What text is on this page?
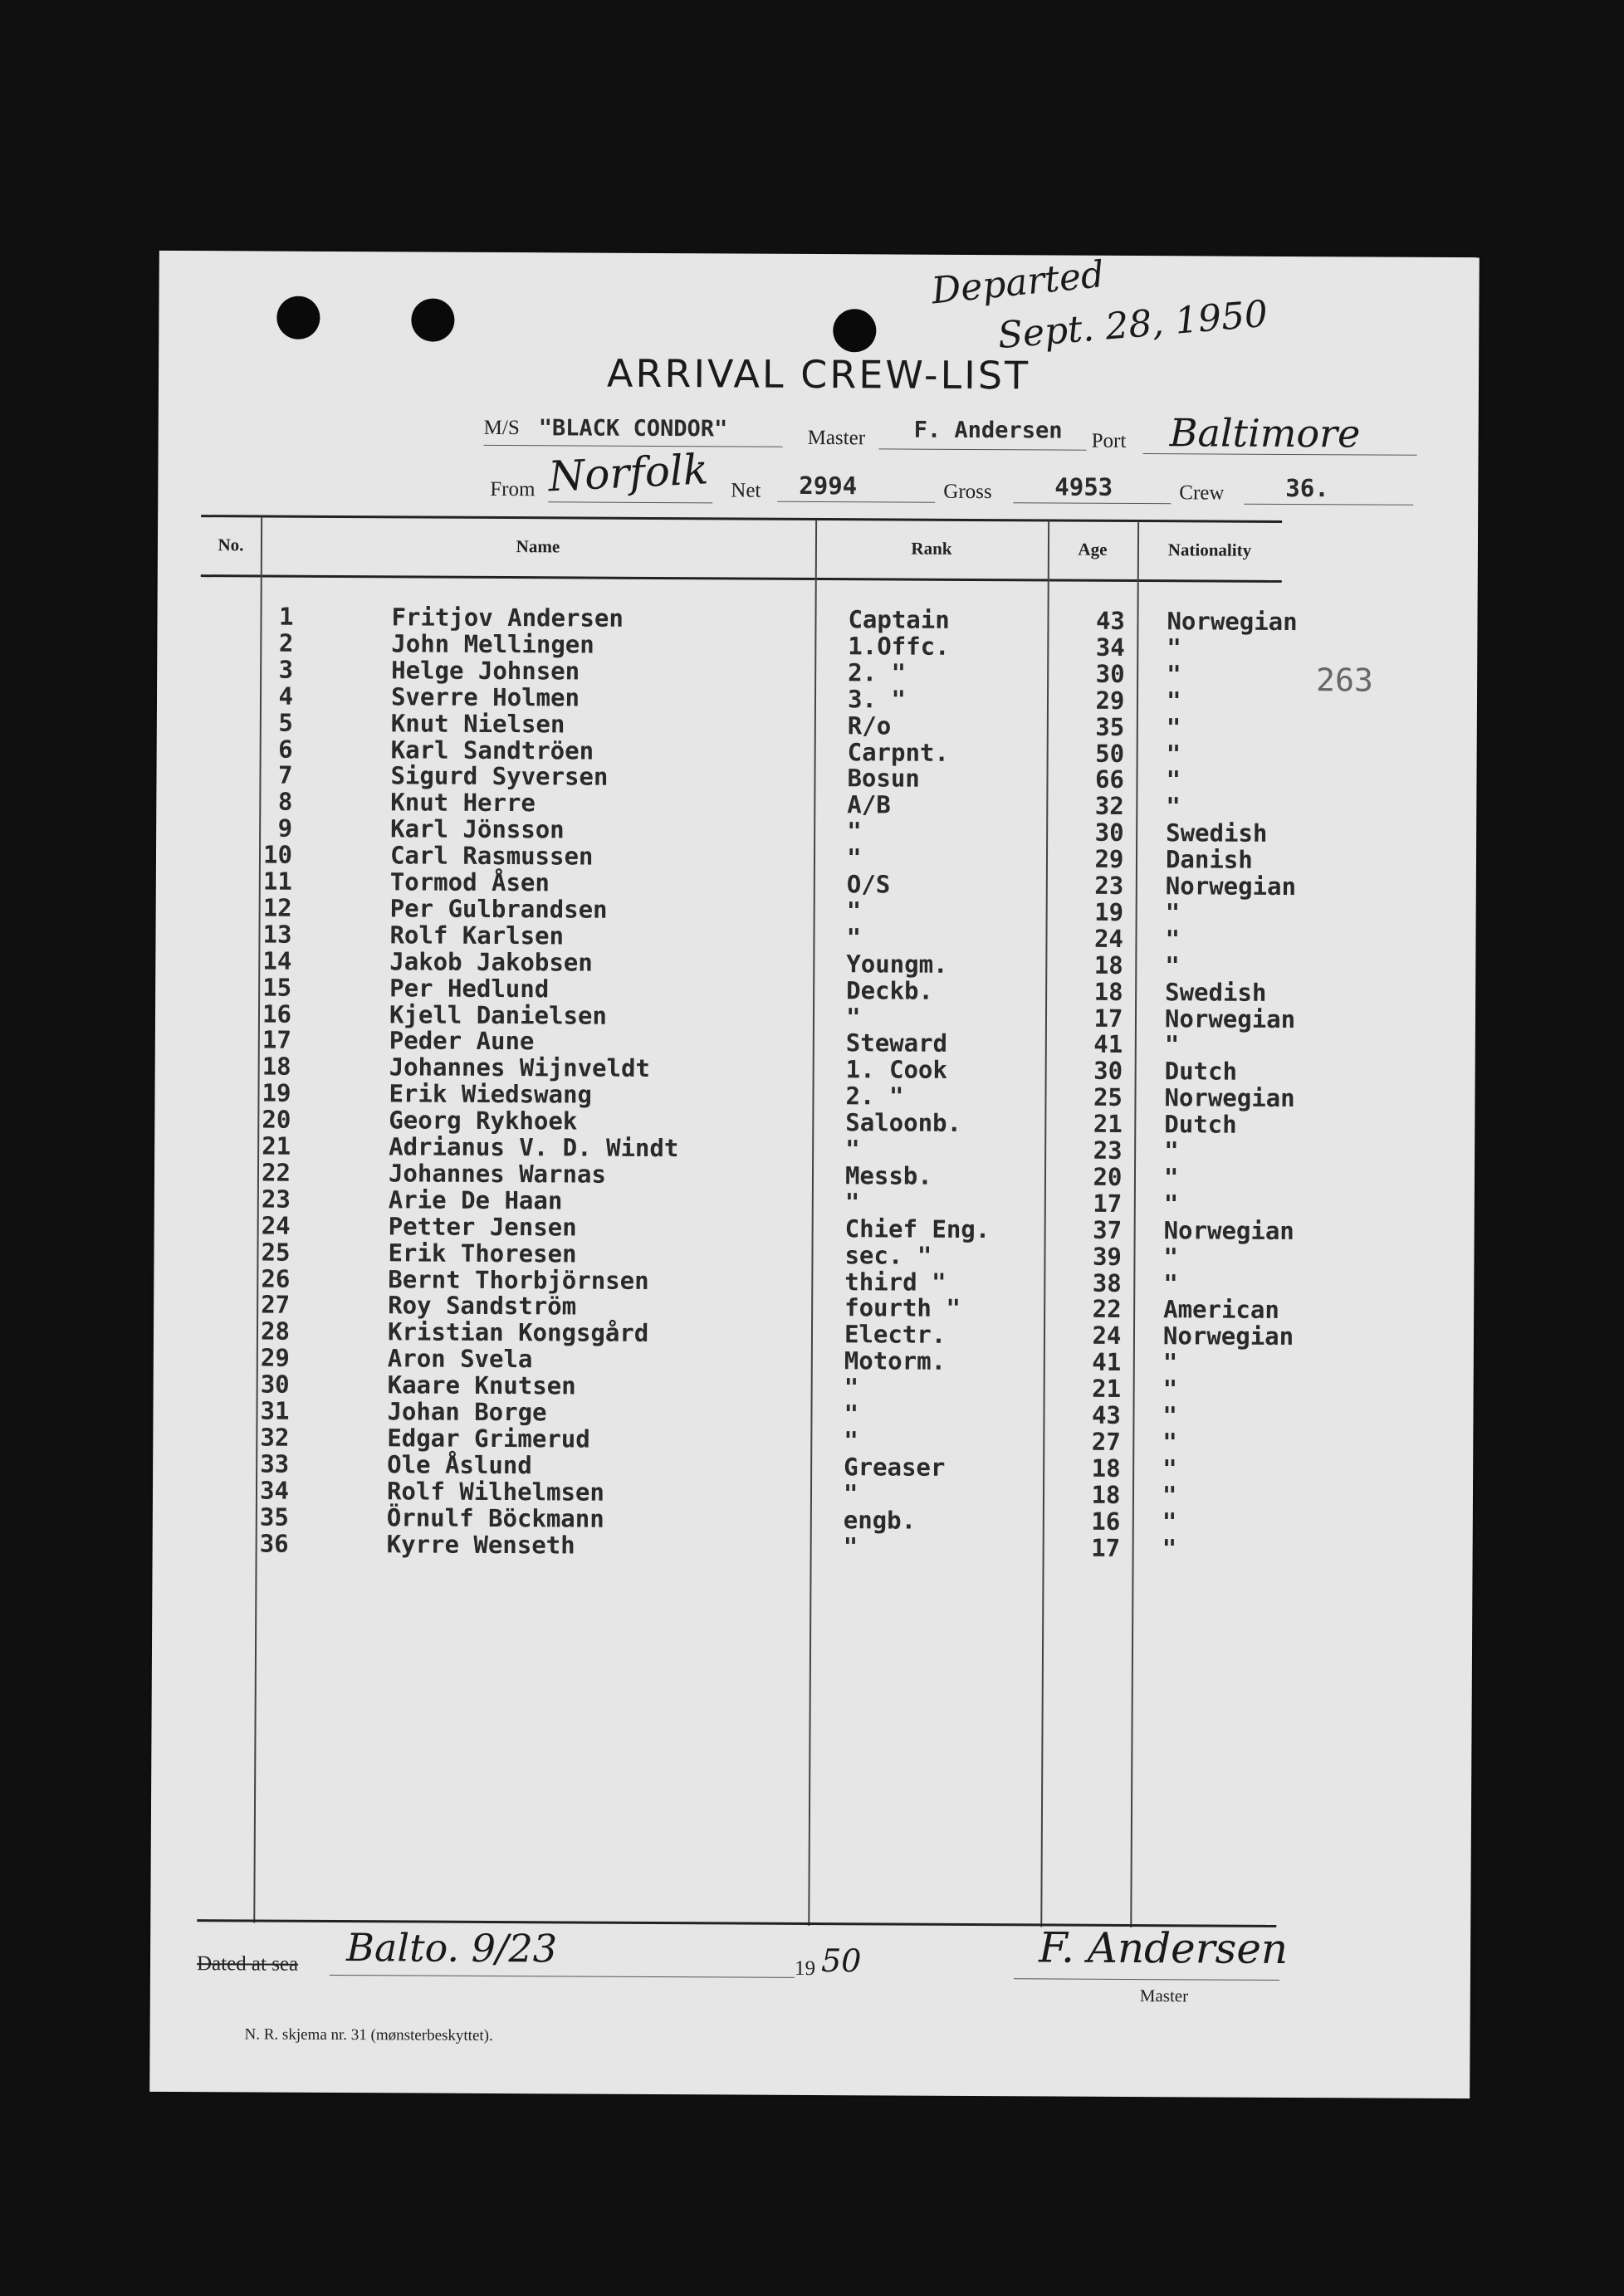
Departed
Sept. 28, 1950
ARRIVAL CREW-LIST
M/S "BLACK CONDOR"	Master F. Andersen Port Baltimore
From Norfolk Net 2994	Gross	4953	Crew	36.
263
No.	Name	Rank	Age	Nationality
1	Fritjov Andersen	Captain	43	Norwegian
2	John Mellingen	1.Offc.	34	"
3	Helge Johnsen	2. "	30	"
4	Sverre Holmen	3. "	29	"
5	Knut Nielsen	R/o	35	"
6	Karl Sandtröen	Carpnt.	50	"
7	Sigurd Syversen	Bosun	66	"
8	Knut Herre	A/B	32	"
9	Karl Jönsson	"	30	Swedish
10	Carl Rasmussen	"	29	Danish
11	Tormod Åsen	O/S	23	Norwegian
12	Per Gulbrandsen	"	19	"
13	Rolf Karlsen	"	24	"
14	Jakob Jakobsen	Youngm.	18	"
15	Per Hedlund	Deckb.	18	Swedish
16	Kjell Danielsen	"	17	Norwegian
17	Peder Aune	Steward	41	"
18	Johannes Wijnveldt	1. Cook	30	Dutch
19	Erik Wiedswang	2. "	25	Norwegian
20	Georg Rykhoek	Saloonb.	21	Dutch
21	Adrianus V. D. Windt	"	23	"
22	Johannes Warnas	Messb.	20	"
23	Arie De Haan	"	17	"
24	Petter Jensen	Chief Eng.	37	Norwegian
25	Erik Thoresen	sec. "	39	"
26	Bernt Thorbjörnsen	third "	38	"
27	Roy Sandström	fourth "	22	American
28	Kristian Kongsgård	Electr.	24	Norwegian
29	Aron Svela	Motorm.	41	"
30	Kaare Knutsen	"	21	"
31	Johan Borge	"	43	"
32	Edgar Grimerud	"	27	"
33	Ole Åslund	Greaser	18	"
34	Rolf Wilhelmsen	"	18	"
35	Örnulf Böckmann	engb.	16	"
36	Kyrre Wenseth	"	17	"
Dated at sea Balto. 9/23	19 50	F. Andersen
Master
N. R. skjema nr. 31 (mønsterbeskyttet).
